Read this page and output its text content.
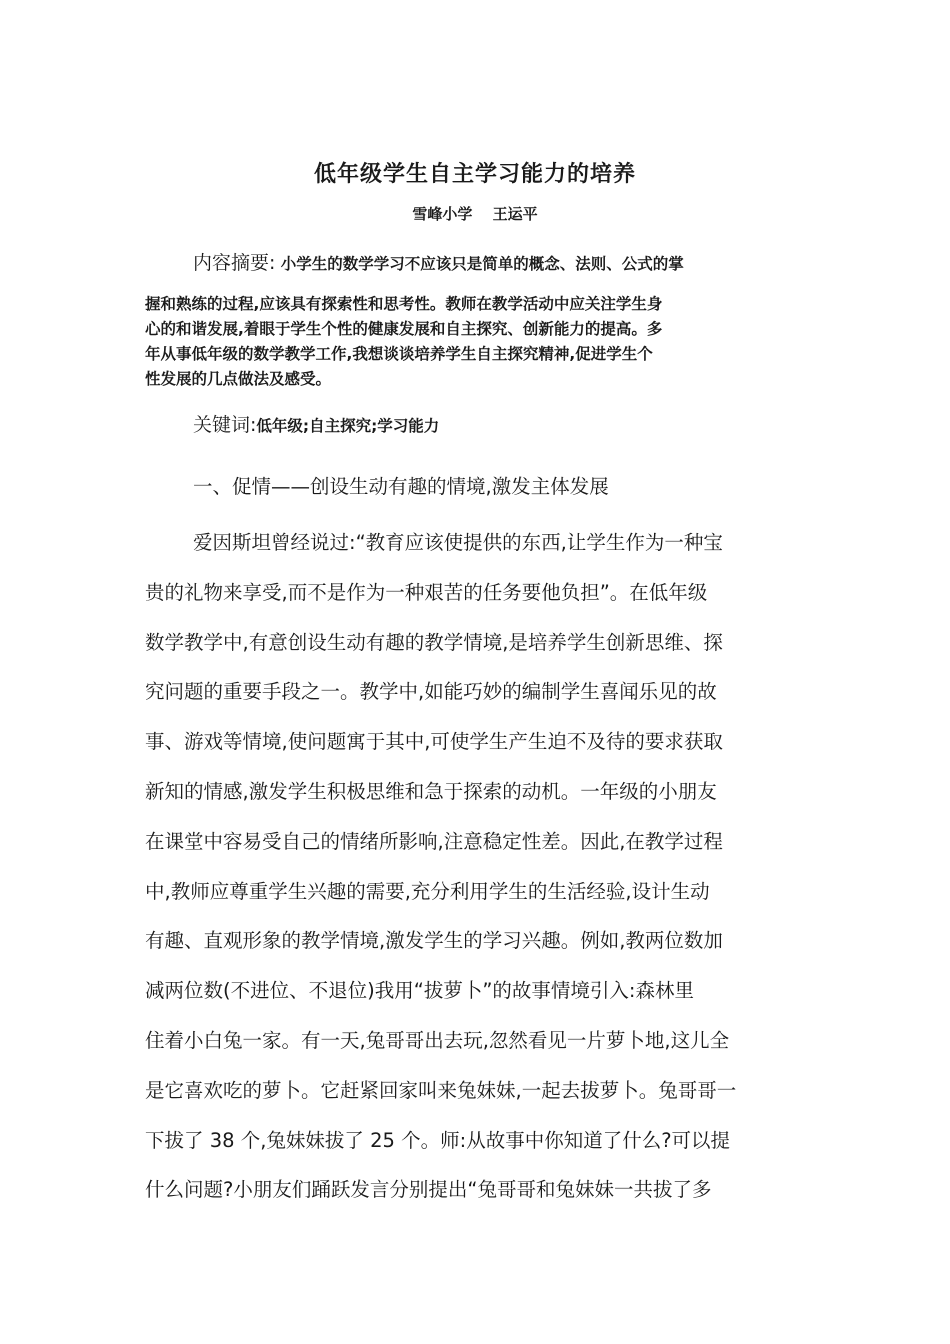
低年级学生自主学习能力的培养

雪峰小学　 王运平

内容摘要: 小学生的数学学习不应该只是简单的概念、法则、公式的掌
握和熟练的过程,应该具有探索性和思考性。教师在教学活动中应关注学生身
心的和谐发展,着眼于学生个性的健康发展和自主探究、创新能力的提高。多
年从事低年级的数学教学工作,我想谈谈培养学生自主探究精神,促进学生个
性发展的几点做法及感受。

关键词:低年级;自主探究;学习能力

一、促情——创设生动有趣的情境,激发主体发展
爱因斯坦曾经说过:“教育应该使提供的东西,让学生作为一种宝
贵的礼物来享受,而不是作为一种艰苦的任务要他负担”。在低年级
数学教学中,有意创设生动有趣的教学情境,是培养学生创新思维、探
究问题的重要手段之一。教学中,如能巧妙的编制学生喜闻乐见的故
事、游戏等情境,使问题寓于其中,可使学生产生迫不及待的要求获取
新知的情感,激发学生积极思维和急于探索的动机。一年级的小朋友
在课堂中容易受自己的情绪所影响,注意稳定性差。因此,在教学过程
中,教师应尊重学生兴趣的需要,充分利用学生的生活经验,设计生动
有趣、直观形象的教学情境,激发学生的学习兴趣。例如,教两位数加
减两位数(不进位、不退位)我用“拔萝卜”的故事情境引入:森林里
住着小白兔一家。有一天,兔哥哥出去玩,忽然看见一片萝卜地,这儿全
是它喜欢吃的萝卜。它赶紧回家叫来兔妹妹,一起去拔萝卜。兔哥哥一
下拔了 38 个,兔妹妹拔了 25 个。师:从故事中你知道了什么?可以提
什么问题?小朋友们踊跃发言分别提出“兔哥哥和兔妹妹一共拔了多
